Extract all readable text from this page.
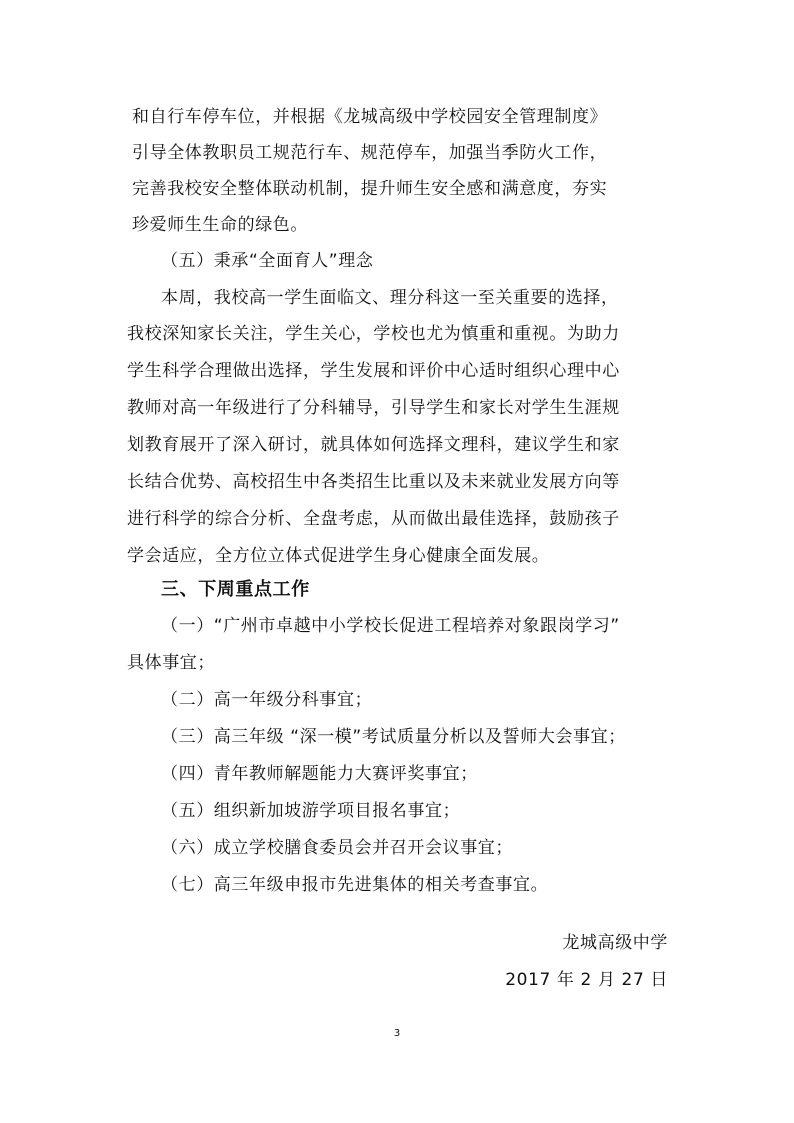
和自行车停车位，并根据《龙城高级中学校园安全管理制度》
引导全体教职员工规范行车、规范停车，加强当季防火工作，
完善我校安全整体联动机制，提升师生安全感和满意度，夯实
珍爱师生生命的绿色。
（五）秉承“全面育人”理念
本周，我校高一学生面临文、理分科这一至关重要的选择，
我校深知家长关注，学生关心，学校也尤为慎重和重视。为助力
学生科学合理做出选择，学生发展和评价中心适时组织心理中心
教师对高一年级进行了分科辅导，引导学生和家长对学生生涯规
划教育展开了深入研讨，就具体如何选择文理科，建议学生和家
长结合优势、高校招生中各类招生比重以及未来就业发展方向等
进行科学的综合分析、全盘考虑，从而做出最佳选择，鼓励孩子
学会适应，全方位立体式促进学生身心健康全面发展。
三、下周重点工作
（一）“广州市卓越中小学校长促进工程培养对象跟岗学习”
具体事宜；
（二）高一年级分科事宜；
（三）高三年级 “深一模”考试质量分析以及誓师大会事宜；
（四）青年教师解题能力大赛评奖事宜；
（五）组织新加坡游学项目报名事宜；
（六）成立学校膳食委员会并召开会议事宜；
（七）高三年级申报市先进集体的相关考查事宜。
龙城高级中学
2017 年 2 月 27 日
3
